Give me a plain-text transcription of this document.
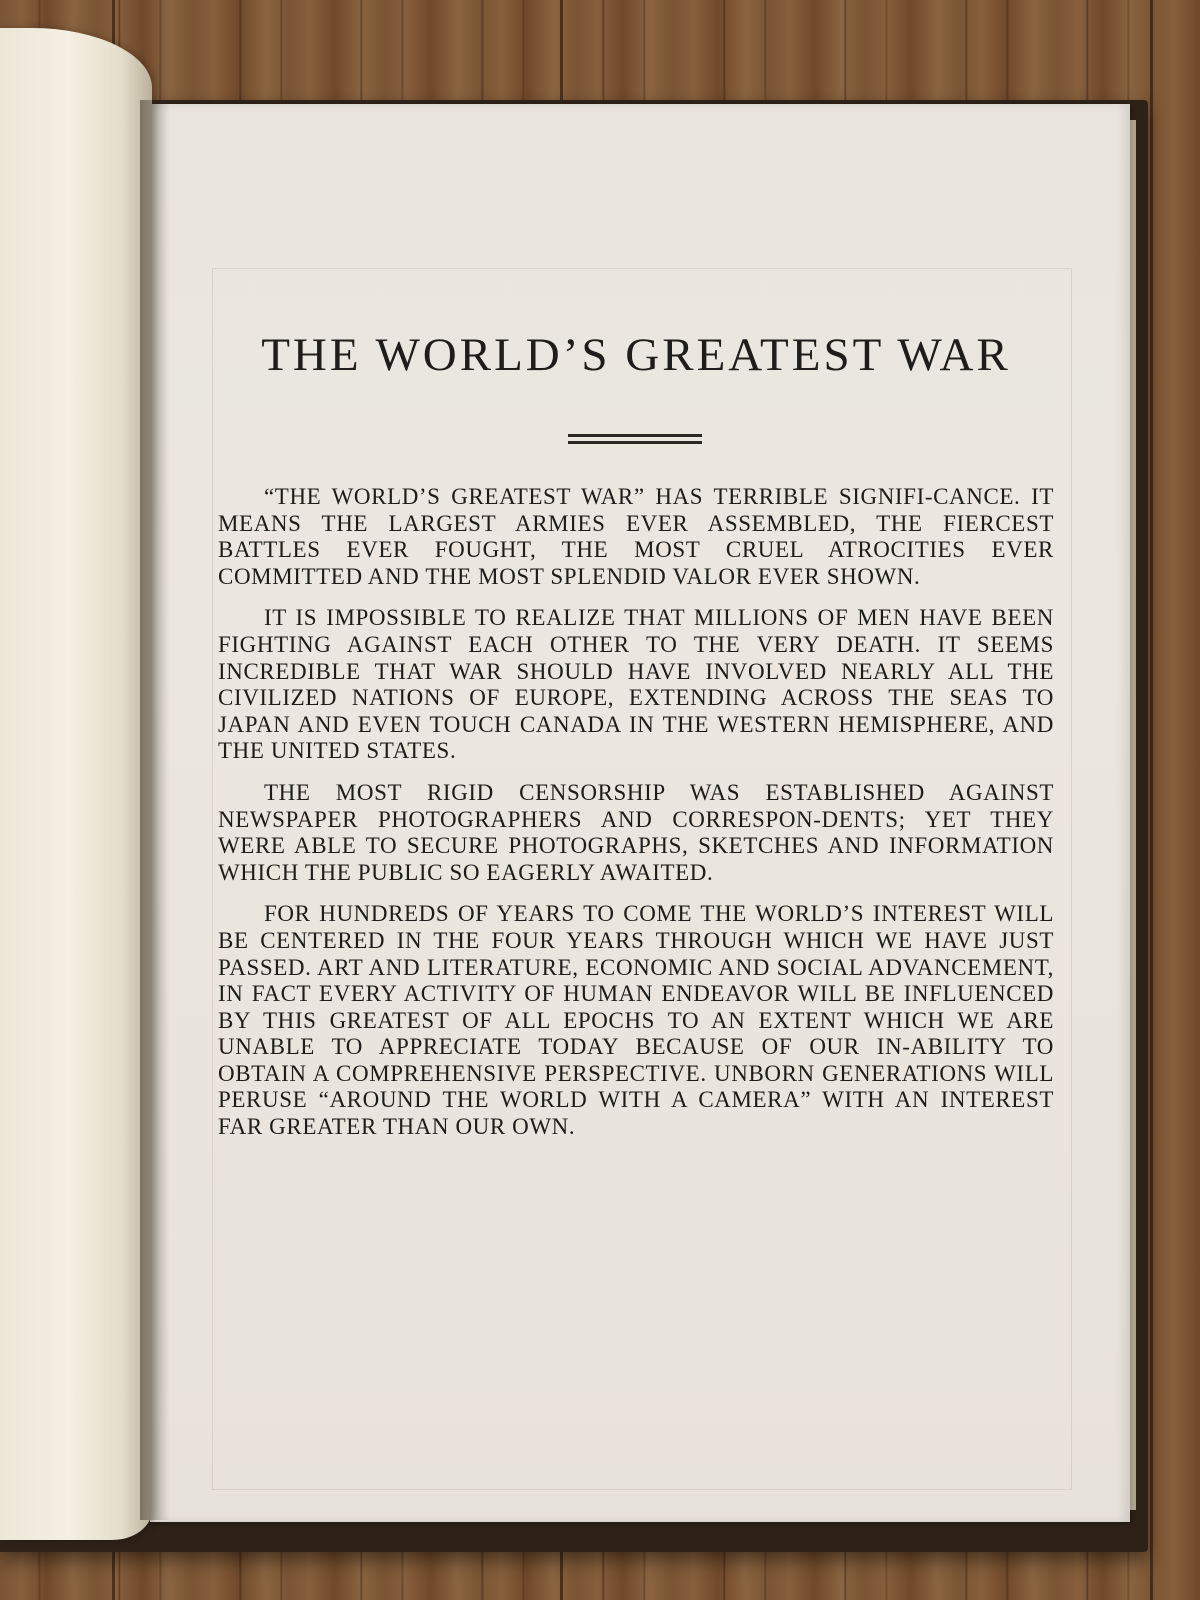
THE WORLD’S GREATEST WAR

“THE WORLD’S GREATEST WAR” HAS TERRIBLE SIGNIFI-CANCE. IT MEANS THE LARGEST ARMIES EVER ASSEMBLED, THE FIERCEST BATTLES EVER FOUGHT, THE MOST CRUEL ATROCITIES EVER COMMITTED AND THE MOST SPLENDID VALOR EVER SHOWN.

IT IS IMPOSSIBLE TO REALIZE THAT MILLIONS OF MEN HAVE BEEN FIGHTING AGAINST EACH OTHER TO THE VERY DEATH. IT SEEMS INCREDIBLE THAT WAR SHOULD HAVE INVOLVED NEARLY ALL THE CIVILIZED NATIONS OF EUROPE, EXTENDING ACROSS THE SEAS TO JAPAN AND EVEN TOUCH CANADA IN THE WESTERN HEMISPHERE, AND THE UNITED STATES.

THE MOST RIGID CENSORSHIP WAS ESTABLISHED AGAINST NEWSPAPER PHOTOGRAPHERS AND CORRESPON-DENTS; YET THEY WERE ABLE TO SECURE PHOTOGRAPHS, SKETCHES AND INFORMATION WHICH THE PUBLIC SO EAGERLY AWAITED.

FOR HUNDREDS OF YEARS TO COME THE WORLD’S INTEREST WILL BE CENTERED IN THE FOUR YEARS THROUGH WHICH WE HAVE JUST PASSED. ART AND LITERATURE, ECONOMIC AND SOCIAL ADVANCEMENT, IN FACT EVERY ACTIVITY OF HUMAN ENDEAVOR WILL BE INFLUENCED BY THIS GREATEST OF ALL EPOCHS TO AN EXTENT WHICH WE ARE UNABLE TO APPRECIATE TODAY BECAUSE OF OUR IN-ABILITY TO OBTAIN A COMPREHENSIVE PERSPECTIVE. UNBORN GENERATIONS WILL PERUSE “AROUND THE WORLD WITH A CAMERA” WITH AN INTEREST FAR GREATER THAN OUR OWN.
